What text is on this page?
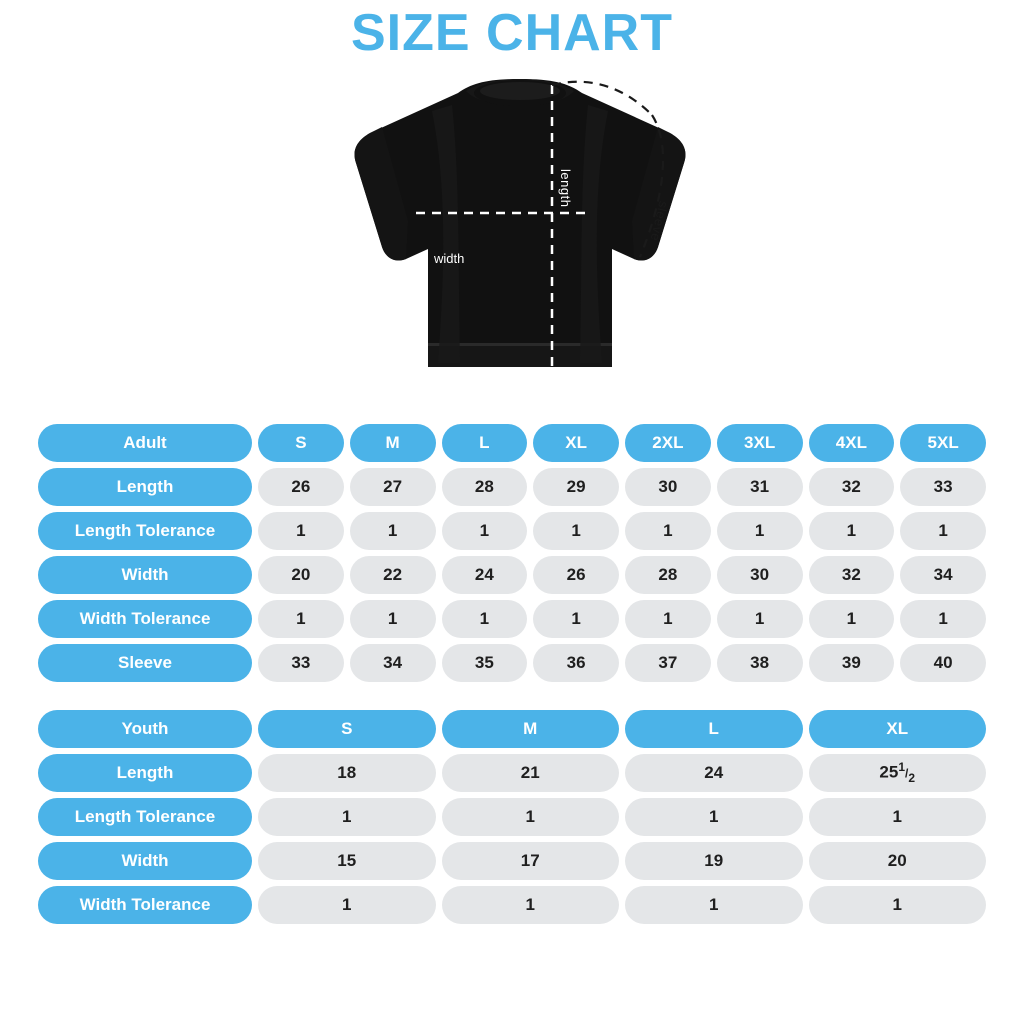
SIZE CHART
length
width
sleeve
Adult	S	M	L	XL	2XL	3XL	4XL	5XL
Length	26	27	28	29	30	31	32	33
Length Tolerance	1	1	1	1	1	1	1	1
Width	20	22	24	26	28	30	32	34
Width Tolerance	1	1	1	1	1	1	1	1
Sleeve	33	34	35	36	37	38	39	40
Youth	S	M	L	XL
Length	18	21	24	$25^1/_2$
Length Tolerance	1	1	1	1
Width	15	17	19	20
Width Tolerance	1	1	1	1
